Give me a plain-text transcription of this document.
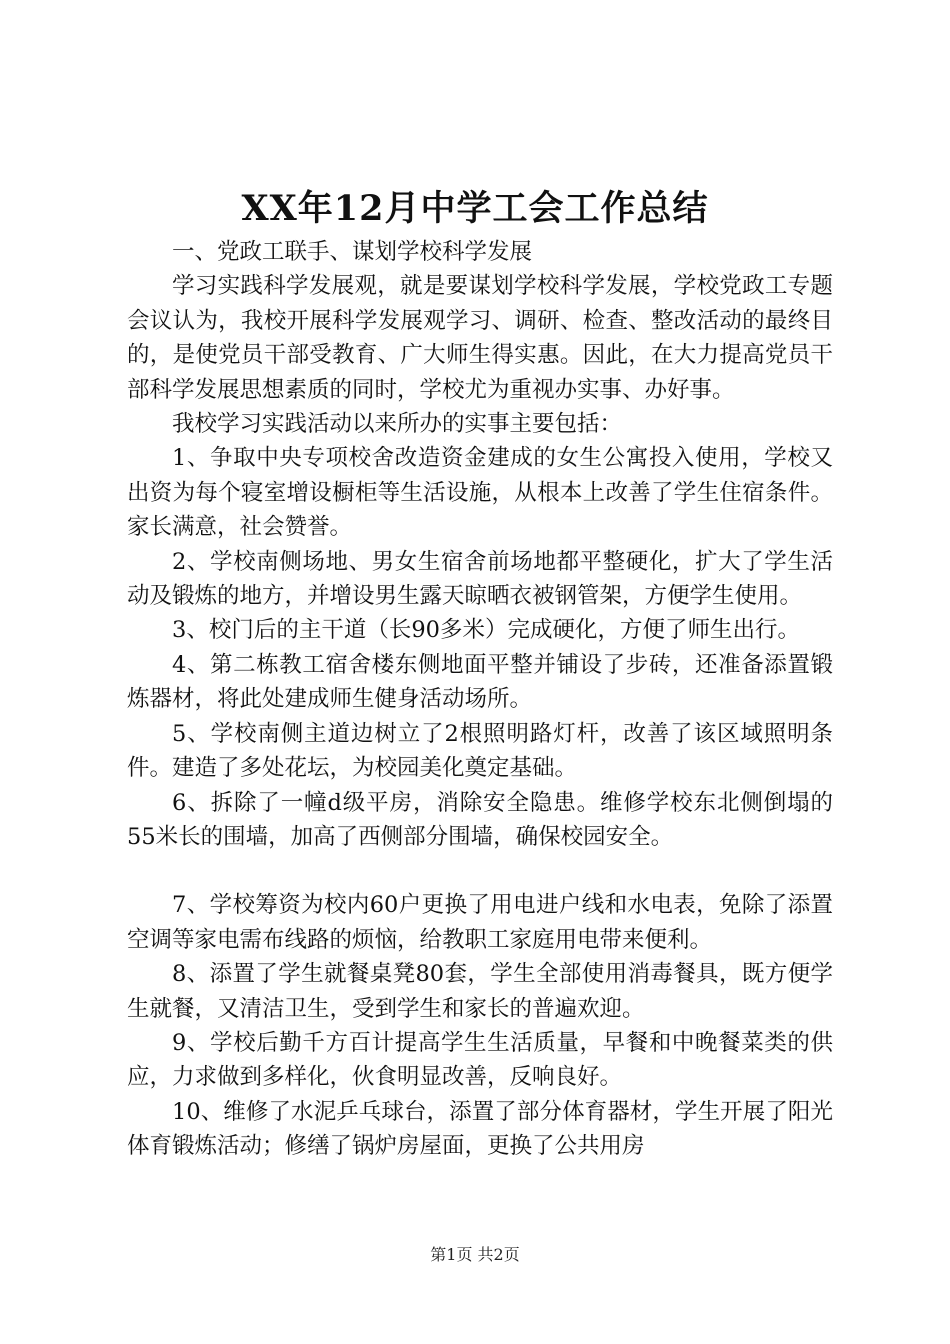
XX年12月中学工会工作总结

一、党政工联手、谋划学校科学发展

学习实践科学发展观，就是要谋划学校科学发展，学校党政工专题会议认为，我校开展科学发展观学习、调研、检查、整改活动的最终目的，是使党员干部受教育、广大师生得实惠。因此，在大力提高党员干部科学发展思想素质的同时，学校尤为重视办实事、办好事。

我校学习实践活动以来所办的实事主要包括：

1、争取中央专项校舍改造资金建成的女生公寓投入使用，学校又出资为每个寝室增设橱柜等生活设施，从根本上改善了学生住宿条件。家长满意，社会赞誉。

2、学校南侧场地、男女生宿舍前场地都平整硬化，扩大了学生活动及锻炼的地方，并增设男生露天晾晒衣被钢管架，方便学生使用。

3、校门后的主干道（长90多米）完成硬化，方便了师生出行。

4、第二栋教工宿舍楼东侧地面平整并铺设了步砖，还准备添置锻炼器材，将此处建成师生健身活动场所。

5、学校南侧主道边树立了2根照明路灯杆，改善了该区域照明条件。建造了多处花坛，为校园美化奠定基础。

6、拆除了一幢d级平房，消除安全隐患。维修学校东北侧倒塌的55米长的围墙，加高了西侧部分围墙，确保校园安全。

7、学校筹资为校内60户更换了用电进户线和水电表，免除了添置空调等家电需布线路的烦恼，给教职工家庭用电带来便利。

8、添置了学生就餐桌凳80套，学生全部使用消毒餐具，既方便学生就餐，又清洁卫生，受到学生和家长的普遍欢迎。

9、学校后勤千方百计提高学生生活质量，早餐和中晚餐菜类的供应，力求做到多样化，伙食明显改善，反响良好。

10、维修了水泥乒乓球台，添置了部分体育器材，学生开展了阳光体育锻炼活动；修缮了锅炉房屋面，更换了公共用房

第1页 共2页
